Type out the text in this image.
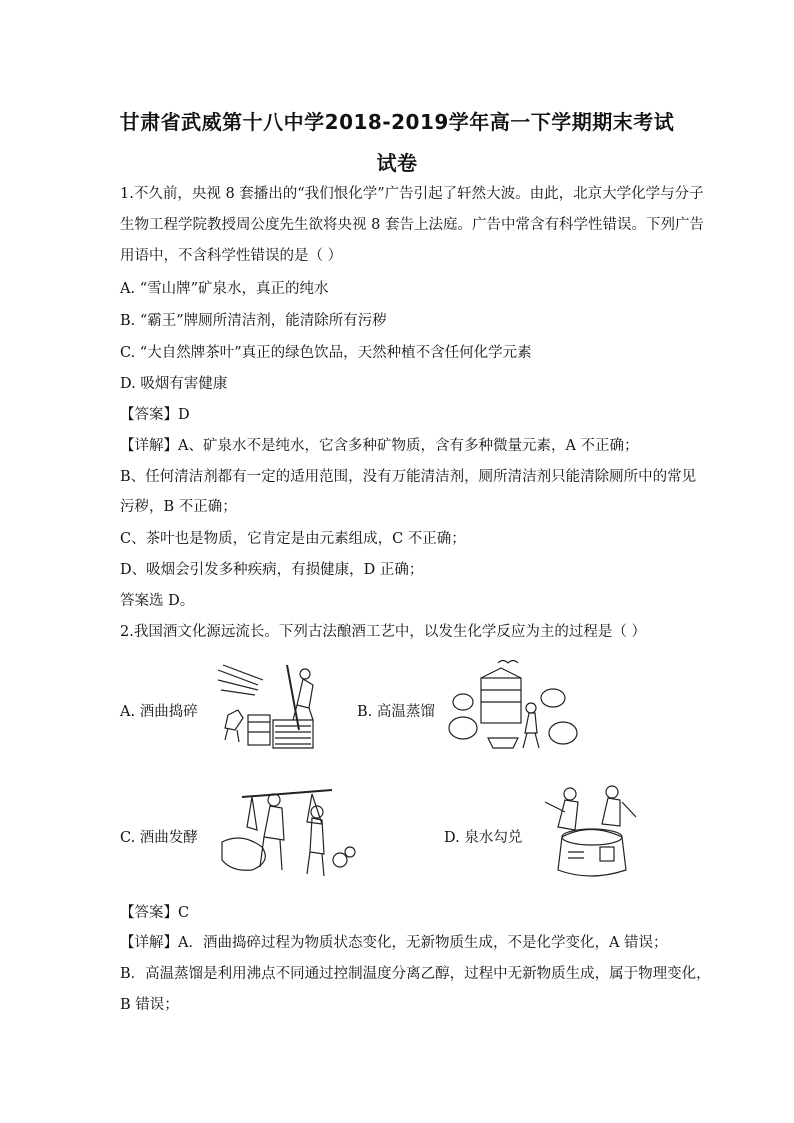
甘肃省武威第十八中学2018-2019学年高一下学期期末考试
试卷
1.不久前，央视 8 套播出的“我们恨化学”广告引起了轩然大波。由此，北京大学化学与分子
生物工程学院教授周公度先生欲将央视 8 套告上法庭。广告中常含有科学性错误。下列广告
用语中，不含科学性错误的是（ ）
A. “雪山牌”矿泉水，真正的纯水
B. “霸王”牌厕所清洁剂，能清除所有污秽
C. “大自然牌茶叶”真正的绿色饮品，天然种植不含任何化学元素
D. 吸烟有害健康
【答案】D
【详解】A、矿泉水不是纯水，它含多种矿物质，含有多种微量元素，A 不正确；
B、任何清洁剂都有一定的适用范围，没有万能清洁剂，厕所清洁剂只能清除厕所中的常见
污秽，B 不正确；
C、茶叶也是物质，它肯定是由元素组成，C 不正确；
D、吸烟会引发多种疾病，有损健康，D 正确；
答案选 D。
2.我国酒文化源远流长。下列古法酿酒工艺中，以发生化学反应为主的过程是（ ）
A. 酒曲捣碎	B. 高温蒸馏
C. 酒曲发酵	D. 泉水勾兑
【答案】C
【详解】A．酒曲捣碎过程为物质状态变化，无新物质生成，不是化学变化，A 错误；
B．高温蒸馏是利用沸点不同通过控制温度分离乙醇，过程中无新物质生成，属于物理变化，
B 错误；
